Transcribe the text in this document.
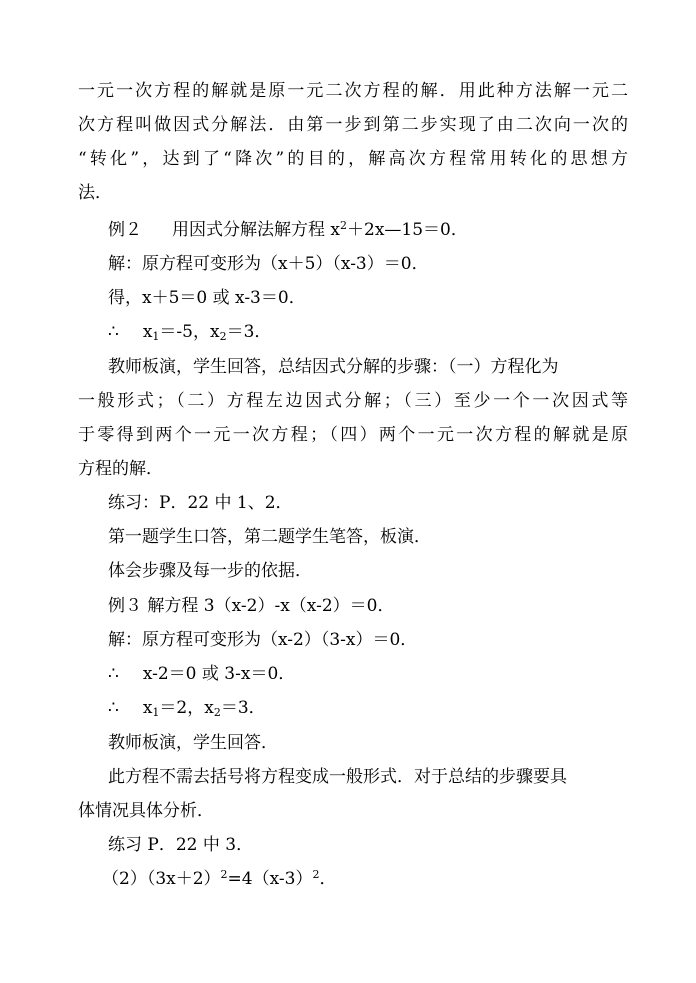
一元一次方程的解就是原一元二次方程的解．用此种方法解一元二
次方程叫做因式分解法．由第一步到第二步实现了由二次向一次的
“转化”，达到了“降次”的目的，解高次方程常用转化的思想方
法．
例２ 用因式分解法解方程 $x^2+2x—15=0$．
解：原方程可变形为（x＋5）（x-3）＝0．
得，x＋5＝0 或 x-3＝0．
∴ $x_1=-5$，$x_2=3$．
教师板演，学生回答，总结因式分解的步骤：（一）方程化为
一般形式；（二）方程左边因式分解；（三）至少一个一次因式等
于零得到两个一元一次方程；（四）两个一元一次方程的解就是原
方程的解．
练习：P．22 中 1、2．
第一题学生口答，第二题学生笔答，板演．
体会步骤及每一步的依据．
例３ 解方程 3（x-2）-x（x-2）＝0．
解：原方程可变形为（x-2）（3-x）＝0．
∴ x-2＝0 或 3-x＝0．
∴ $x_1=2$，$x_2=3$．
教师板演，学生回答．
此方程不需去括号将方程变成一般形式．对于总结的步骤要具
体情况具体分析．
练习 P．22 中 3．
$(2)(3x+2)^2=4(x-3)^2$．
